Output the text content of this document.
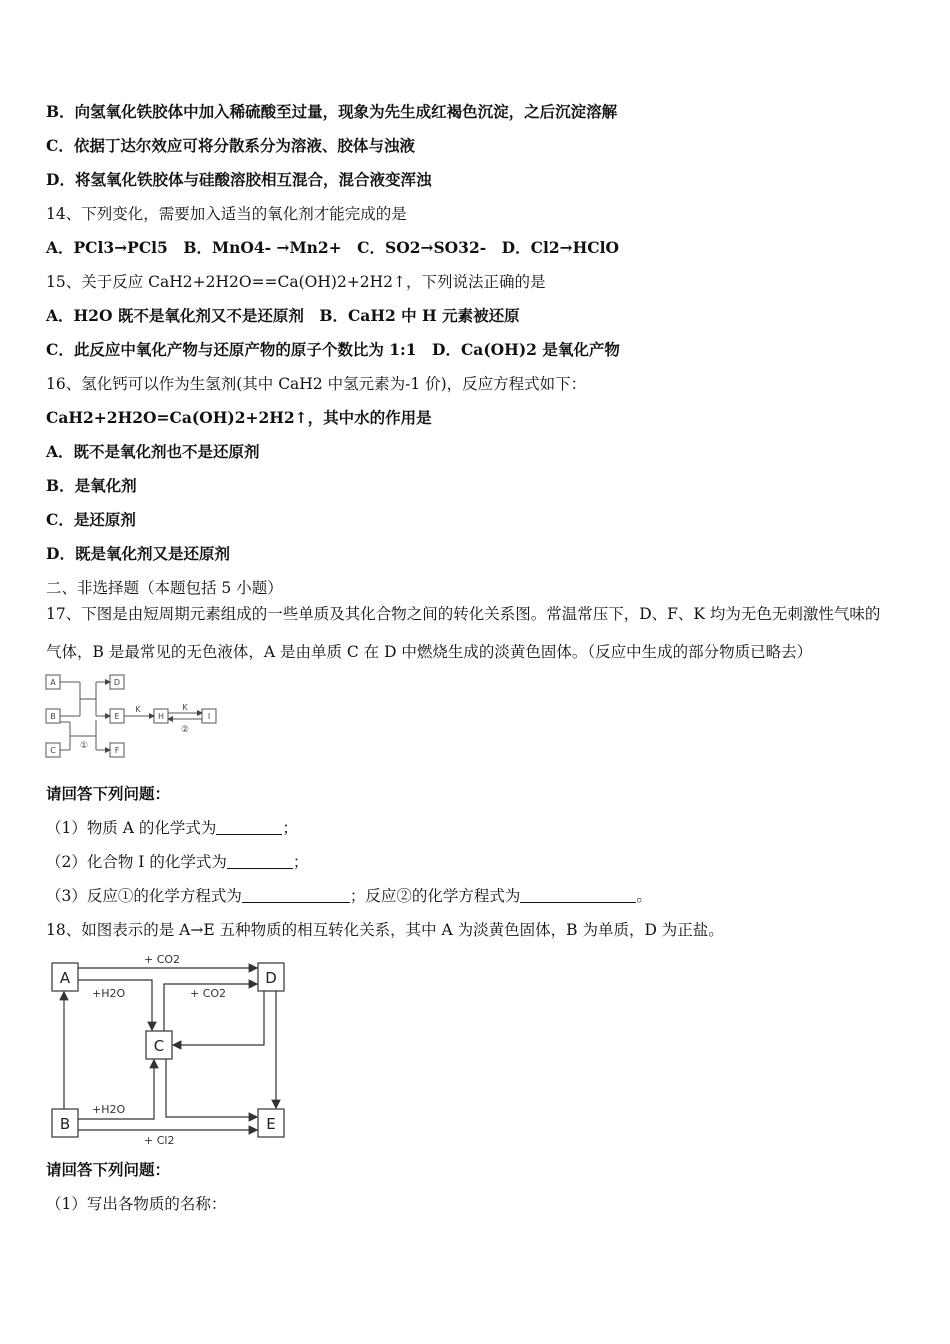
B．向氢氧化铁胶体中加入稀硫酸至过量，现象为先生成红褐色沉淀，之后沉淀溶解
C．依据丁达尔效应可将分散系分为溶液、胶体与浊液
D．将氢氧化铁胶体与硅酸溶胶相互混合，混合液变浑浊
14、下列变化，需要加入适当的氧化剂才能完成的是
A．PCl3→PCl5　B．MnO4- →Mn2+　C．SO2→SO32-　D．Cl2→HClO
15、关于反应 CaH2+2H2O==Ca(OH)2+2H2↑，下列说法正确的是
A．H2O 既不是氧化剂又不是还原剂　B．CaH2 中 H 元素被还原
C．此反应中氧化产物与还原产物的原子个数比为 1:1　D．Ca(OH)2 是氧化产物
16、氢化钙可以作为生氢剂(其中 CaH2 中氢元素为-1 价)，反应方程式如下：
CaH2+2H2O=Ca(OH)2+2H2↑，其中水的作用是
A．既不是氧化剂也不是还原剂
B．是氧化剂
C．是还原剂
D．既是氧化剂又是还原剂
二、非选择题（本题包括 5 小题）
17、下图是由短周期元素组成的一些单质及其化合物之间的转化关系图。常温常压下，D、F、K 均为无色无刺激性气味的
气体，B 是最常见的无色液体，A 是由单质 C 在 D 中燃烧生成的淡黄色固体。（反应中生成的部分物质已略去）
A
B
C
D
E
F
H	I
K	K
①
②
请回答下列问题：
（1）物质 A 的化学式为	；
（2）化合物 I 的化学式为	；
（3）反应①的化学方程式为	；反应②的化学方程式为	。
18、如图表示的是 A→E 五种物质的相互转化关系，其中 A 为淡黄色固体，B 为单质，D 为正盐。
A
B
C
D
E
+ CO2
+H2O	+ CO2
+H2O
+ Cl2
请回答下列问题：
（1）写出各物质的名称：
